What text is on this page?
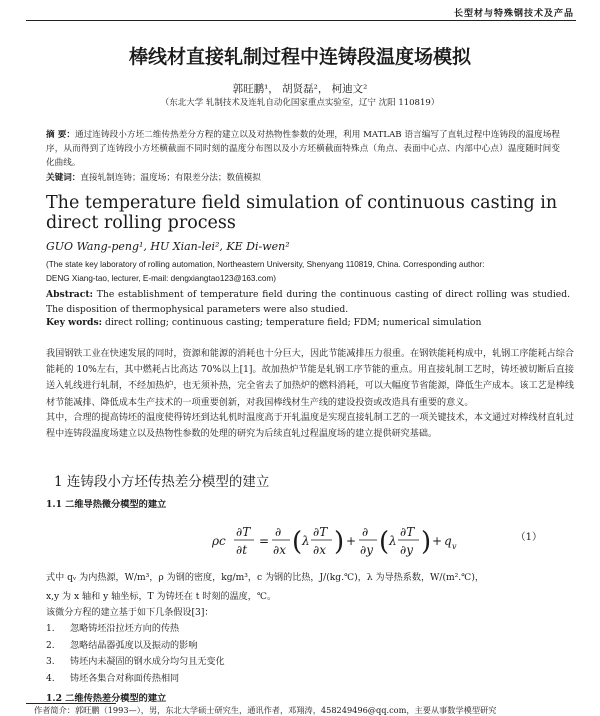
长型材与特殊钢技术及产品
棒线材直接轧制过程中连铸段温度场模拟
郭旺鹏¹， 胡贤磊²， 柯迪文²
（东北大学 轧制技术及连轧自动化国家重点实验室，辽宁 沈阳 110819）
摘 要：通过连铸段小方坯二维传热差分方程的建立以及对热物性参数的处理，利用 MATLAB 语言编写了直轧过程中连铸段的温度场程序，从而得到了连铸段小方坯横截面不同时刻的温度分布图以及小方坯横截面特殊点（角点、表面中心点、内部中心点）温度随时间变化曲线。
关键词：直接轧制连铸；温度场；有限差分法；数值模拟
The temperature field simulation of continuous casting in direct rolling process
GUO Wang-peng¹, HU Xian-lei², KE Di-wen²
(The state key laboratory of rolling automation, Northeastern University, Shenyang 110819, China. Corresponding author:
DENG Xiang-tao, lecturer, E-mail: dengxiangtao123@163.com)
Abstract: The establishment of temperature field during the continuous casting of direct rolling was studied. The disposition of thermophysical parameters were also studied.
Key words: direct rolling; continuous casting; temperature field; FDM; numerical simulation
我国钢铁工业在快速发展的同时，资源和能源的消耗也十分巨大，因此节能减排压力很重。在钢铁能耗构成中，轧钢工序能耗占综合能耗的 10%左右，其中燃耗占比高达 70%以上[1]。故加热炉节能是轧钢工序节能的重点。用直接轧制工艺时，铸坯被切断后直接送入轧线进行轧制，不经加热炉，也无须补热，完全省去了加热炉的燃料消耗，可以大幅度节省能源，降低生产成本。该工艺是棒线材节能减排、降低成本生产技术的一项重要创新，对我国棒线材生产线的建设投资或改造具有重要的意义。
其中，合理的提高铸坯的温度使得铸坯到达轧机时温度高于开轧温度是实现直接轧制工艺的一项关键技术，本文通过对棒线材直轧过程中连铸段温度场建立以及热物性参数的处理的研究为后续直轧过程温度场的建立提供研究基础。
1 连铸段小方坯传热差分模型的建立
1.1 二维导热微分模型的建立
ρc
∂T
∂t
=
∂
∂x ( λ
∂T
∂x ) +
∂
∂y ( λ
∂T
∂y ) + q v
（1）
式中 qᵥ 为内热源，W/m³，ρ 为钢的密度，kg/m³，c 为钢的比热，J/(kg.℃)，λ 为导热系数，W/(m².℃)，
x,y 为 x 轴和 y 轴坐标，T 为铸坯在 t 时刻的温度，℃。
该微分方程的建立基于如下几条假设[3]：
1. 忽略铸坯沿拉坯方向的传热
2. 忽略结晶器弧度以及振动的影响
3. 铸坯内未凝固的钢水成分均匀且无变化
4. 铸坯各集合对称面传热相同
1.2 二维传热差分模型的建立
作者简介：郭旺鹏（1993—），男，东北大学硕士研究生，通讯作者，邓翔涛，458249496@qq.com，主要从事数学模型研究
